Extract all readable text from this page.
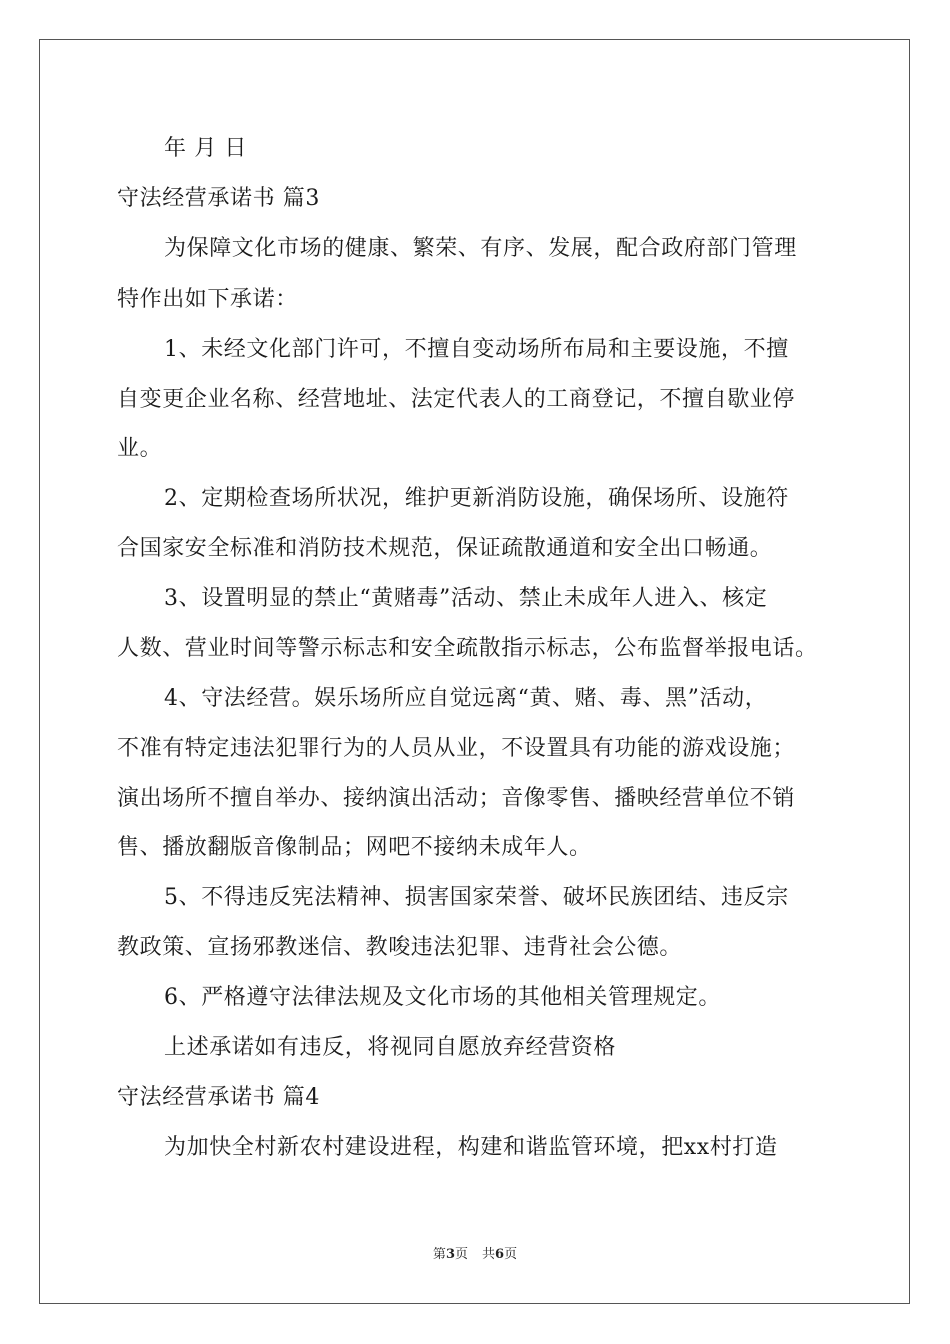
年 月 日
守法经营承诺书 篇3
为保障文化市场的健康、繁荣、有序、发展，配合政府部门管理
特作出如下承诺：
1、未经文化部门许可，不擅自变动场所布局和主要设施，不擅
自变更企业名称、经营地址、法定代表人的工商登记，不擅自歇业停
业。
2、定期检查场所状况，维护更新消防设施，确保场所、设施符
合国家安全标准和消防技术规范，保证疏散通道和安全出口畅通。
3、设置明显的禁止“黄赌毒”活动、禁止未成年人进入、核定
人数、营业时间等警示标志和安全疏散指示标志，公布监督举报电话。
4、守法经营。娱乐场所应自觉远离“黄、赌、毒、黑”活动，
不准有特定违法犯罪行为的人员从业，不设置具有功能的游戏设施；
演出场所不擅自举办、接纳演出活动；音像零售、播映经营单位不销
售、播放翻版音像制品；网吧不接纳未成年人。
5、不得违反宪法精神、损害国家荣誉、破坏民族团结、违反宗
教政策、宣扬邪教迷信、教唆违法犯罪、违背社会公德。
6、严格遵守法律法规及文化市场的其他相关管理规定。
上述承诺如有违反，将视同自愿放弃经营资格
守法经营承诺书 篇4
为加快全村新农村建设进程，构建和谐监管环境，把xx村打造
第3页 共6页
